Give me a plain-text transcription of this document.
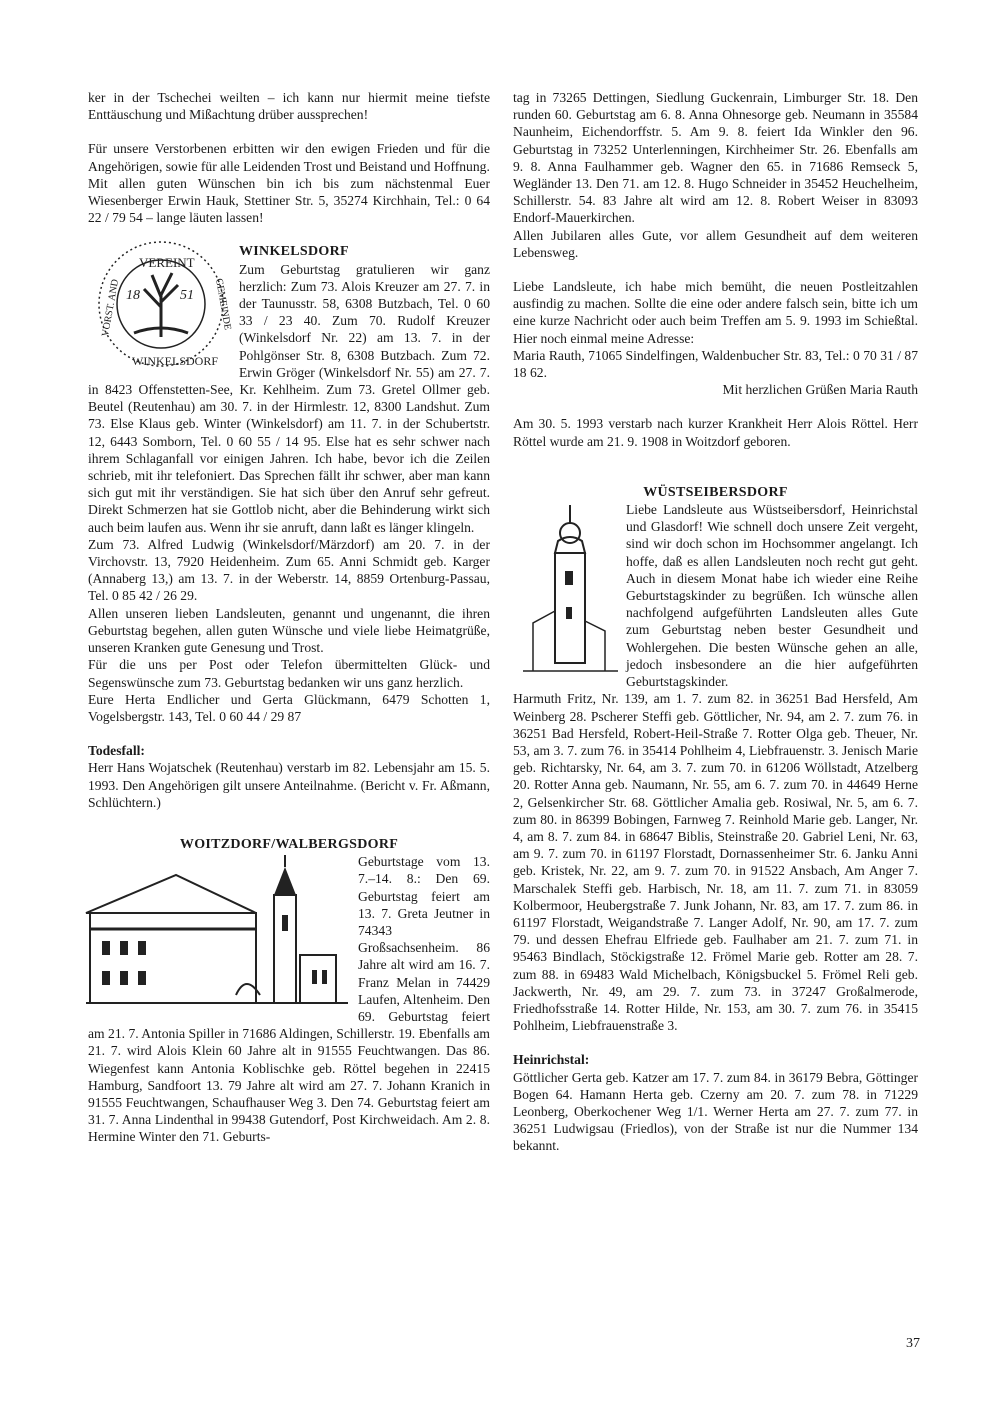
ker in der Tschechei weilten – ich kann nur hiermit meine tiefste Enttäuschung und Mißachtung drüber aussprechen!

Für unsere Verstorbenen erbitten wir den ewigen Frieden und für die Angehörigen, sowie für alle Leidenden Trost und Beistand und Hoffnung.

Mit allen guten Wünschen bin ich bis zum nächstenmal Euer Wiesenberger Erwin Hauk, Stettiner Str. 5, 35274 Kirchhain, Tel.: 0 64 22 / 79 54 – lange läuten lassen!

VEREINT
WINKELSDORF
VORST. AND	GEMEINDE
18	51
WINKELSDORF

Zum Geburtstag gratulieren wir ganz herzlich: Zum 73. Alois Kreuzer am 27. 7. in der Taunusstr. 58, 6308 Butzbach, Tel. 0 60 33 / 23 40. Zum 70. Rudolf Kreuzer (Winkelsdorf Nr. 22) am 13. 7. in der Pohlgönser Str. 8, 6308 Butzbach. Zum 72. Erwin Gröger (Winkelsdorf Nr. 55) am 27. 7. in 8423 Offenstetten-See, Kr. Kehlheim. Zum 73. Gretel Ollmer geb. Beutel (Reutenhau) am 30. 7. in der Hirmlestr. 12, 8300 Landshut. Zum 73. Else Klaus geb. Winter (Winkelsdorf) am 11. 7. in der Schubertstr. 12, 6443 Somborn, Tel. 0 60 55 / 14 95. Else hat es sehr schwer nach ihrem Schlaganfall vor einigen Jahren. Ich habe, bevor ich die Zeilen schrieb, mit ihr telefoniert. Das Sprechen fällt ihr schwer, aber man kann sich gut mit ihr verständigen. Sie hat sich über den Anruf sehr gefreut. Direkt Schmerzen hat sie Gottlob nicht, aber die Behinderung wirkt sich auch beim laufen aus. Wenn ihr sie anruft, dann laßt es länger klingeln.

Zum 73. Alfred Ludwig (Winkelsdorf/Märzdorf) am 20. 7. in der Virchovstr. 13, 7920 Heidenheim. Zum 65. Anni Schmidt geb. Karger (Annaberg 13,) am 13. 7. in der Weberstr. 14, 8859 Ortenburg-Passau, Tel. 0 85 42 / 26 29.

Allen unseren lieben Landsleuten, genannt und ungenannt, die ihren Geburtstag begehen, allen guten Wünsche und viele liebe Heimatgrüße, unseren Kranken gute Genesung und Trost.

Für die uns per Post oder Telefon übermittelten Glück- und Segenswünsche zum 73. Geburtstag bedanken wir uns ganz herzlich.

Eure Herta Endlicher und Gerta Glückmann, 6479 Schotten 1, Vogelsbergstr. 143, Tel. 0 60 44 / 29 87

Todesfall:

Herr Hans Wojatschek (Reutenhau) verstarb im 82. Lebensjahr am 15. 5. 1993. Den Angehörigen gilt unsere Anteilnahme. (Bericht v. Fr. Aßmann, Schlüchtern.)

WOITZDORF/WALBERGSDORF

Geburtstage vom 13. 7.–14. 8.: Den 69. Geburtstag feiert am 13. 7. Greta Jeutner in 74343 Großsachsenheim. 86 Jahre alt wird am 16. 7. Franz Melan in 74429 Laufen, Altenheim. Den 69. Geburtstag feiert am 21. 7. Antonia Spiller in 71686 Aldingen, Schillerstr. 19. Ebenfalls am 21. 7. wird Alois Klein 60 Jahre alt in 91555 Feuchtwangen. Das 86. Wiegenfest kann Antonia Koblischke geb. Röttel begehen in 22415 Hamburg, Sandfoort 13. 79 Jahre alt wird am 27. 7. Johann Kranich in 91555 Feuchtwangen, Schaufhauser Weg 3. Den 74. Geburtstag feiert am 31. 7. Anna Lindenthal in 99438 Gutendorf, Post Kirchweidach. Am 2. 8. Hermine Winter den 71. Geburts-

tag in 73265 Dettingen, Siedlung Guckenrain, Limburger Str. 18. Den runden 60. Geburtstag am 6. 8. Anna Ohnesorge geb. Neumann in 35584 Naunheim, Eichendorffstr. 5. Am 9. 8. feiert Ida Winkler den 96. Geburtstag in 73252 Unterlenningen, Kirchheimer Str. 26. Ebenfalls am 9. 8. Anna Faulhammer geb. Wagner den 65. in 71686 Remseck 5, Wegländer 13. Den 71. am 12. 8. Hugo Schneider in 35452 Heuchelheim, Schillerstr. 54. 83 Jahre alt wird am 12. 8. Robert Weiser in 83093 Endorf-Mauerkirchen.

Allen Jubilaren alles Gute, vor allem Gesundheit auf dem weiteren Lebensweg.

Liebe Landsleute, ich habe mich bemüht, die neuen Postleitzahlen ausfindig zu machen. Sollte die eine oder andere falsch sein, bitte ich um eine kurze Nachricht oder auch beim Treffen am 5. 9. 1993 im Schießtal. Hier noch einmal meine Adresse:

Maria Rauth, 71065 Sindelfingen, Waldenbucher Str. 83, Tel.: 0 70 31 / 87 18 62.

Mit herzlichen Grüßen Maria Rauth

Am 30. 5. 1993 verstarb nach kurzer Krankheit Herr Alois Röttel. Herr Röttel wurde am 21. 9. 1908 in Woitzdorf geboren.

WÜSTSEIBERSDORF

Liebe Landsleute aus Wüstseibersdorf, Heinrichstal und Glasdorf! Wie schnell doch unsere Zeit vergeht, sind wir doch schon im Hochsommer angelangt. Ich hoffe, daß es allen Landsleuten noch recht gut geht. Auch in diesem Monat habe ich wieder eine Reihe Geburtstagskinder zu begrüßen. Ich wünsche allen nachfolgend aufgeführten Landsleuten alles Gute zum Geburtstag neben bester Gesundheit und Wohlergehen. Die besten Wünsche gehen an alle, jedoch insbesondere an die hier aufgeführten Geburtstagskinder.

Harmuth Fritz, Nr. 139, am 1. 7. zum 82. in 36251 Bad Hersfeld, Am Weinberg 28. Pscherer Steffi geb. Göttlicher, Nr. 94, am 2. 7. zum 76. in 36251 Bad Hersfeld, Robert-Heil-Straße 7. Rotter Olga geb. Theuer, Nr. 53, am 3. 7. zum 76. in 35414 Pohlheim 4, Liebfrauenstr. 3. Jenisch Marie geb. Richtarsky, Nr. 64, am 3. 7. zum 70. in 61206 Wöllstadt, Atzelberg 20. Rotter Anna geb. Naumann, Nr. 55, am 6. 7. zum 70. in 44649 Herne 2, Gelsenkircher Str. 68. Göttlicher Amalia geb. Rosiwal, Nr. 5, am 6. 7. zum 80. in 86399 Bobingen, Farnweg 7. Reinhold Marie geb. Langer, Nr. 4, am 8. 7. zum 84. in 68647 Biblis, Steinstraße 20. Gabriel Leni, Nr. 63, am 9. 7. zum 70. in 61197 Florstadt, Dornassenheimer Str. 6. Janku Anni geb. Kristek, Nr. 22, am 9. 7. zum 70. in 91522 Ansbach, Am Anger 7. Marschalek Steffi geb. Harbisch, Nr. 18, am 11. 7. zum 71. in 83059 Kolbermoor, Heubergstraße 7. Junk Johann, Nr. 83, am 17. 7. zum 86. in 61197 Florstadt, Weigandstraße 7. Langer Adolf, Nr. 90, am 17. 7. zum 79. und dessen Ehefrau Elfriede geb. Faulhaber am 21. 7. zum 71. in 95463 Bindlach, Stöckigstraße 12. Frömel Marie geb. Rotter am 28. 7. zum 88. in 69483 Wald Michelbach, Königsbuckel 5. Frömel Reli geb. Jackwerth, Nr. 49, am 29. 7. zum 73. in 37247 Großalmerode, Friedhofsstraße 14. Rotter Hilde, Nr. 153, am 30. 7. zum 76. in 35415 Pohlheim, Liebfrauenstraße 3.

Heinrichstal:

Göttlicher Gerta geb. Katzer am 17. 7. zum 84. in 36179 Bebra, Göttinger Bogen 64. Hamann Herta geb. Czerny am 20. 7. zum 78. in 71229 Leonberg, Oberkochener Weg 1/1. Werner Herta am 27. 7. zum 77. in 36251 Ludwigsau (Friedlos), von der Straße ist nur die Nummer 134 bekannt.

37
